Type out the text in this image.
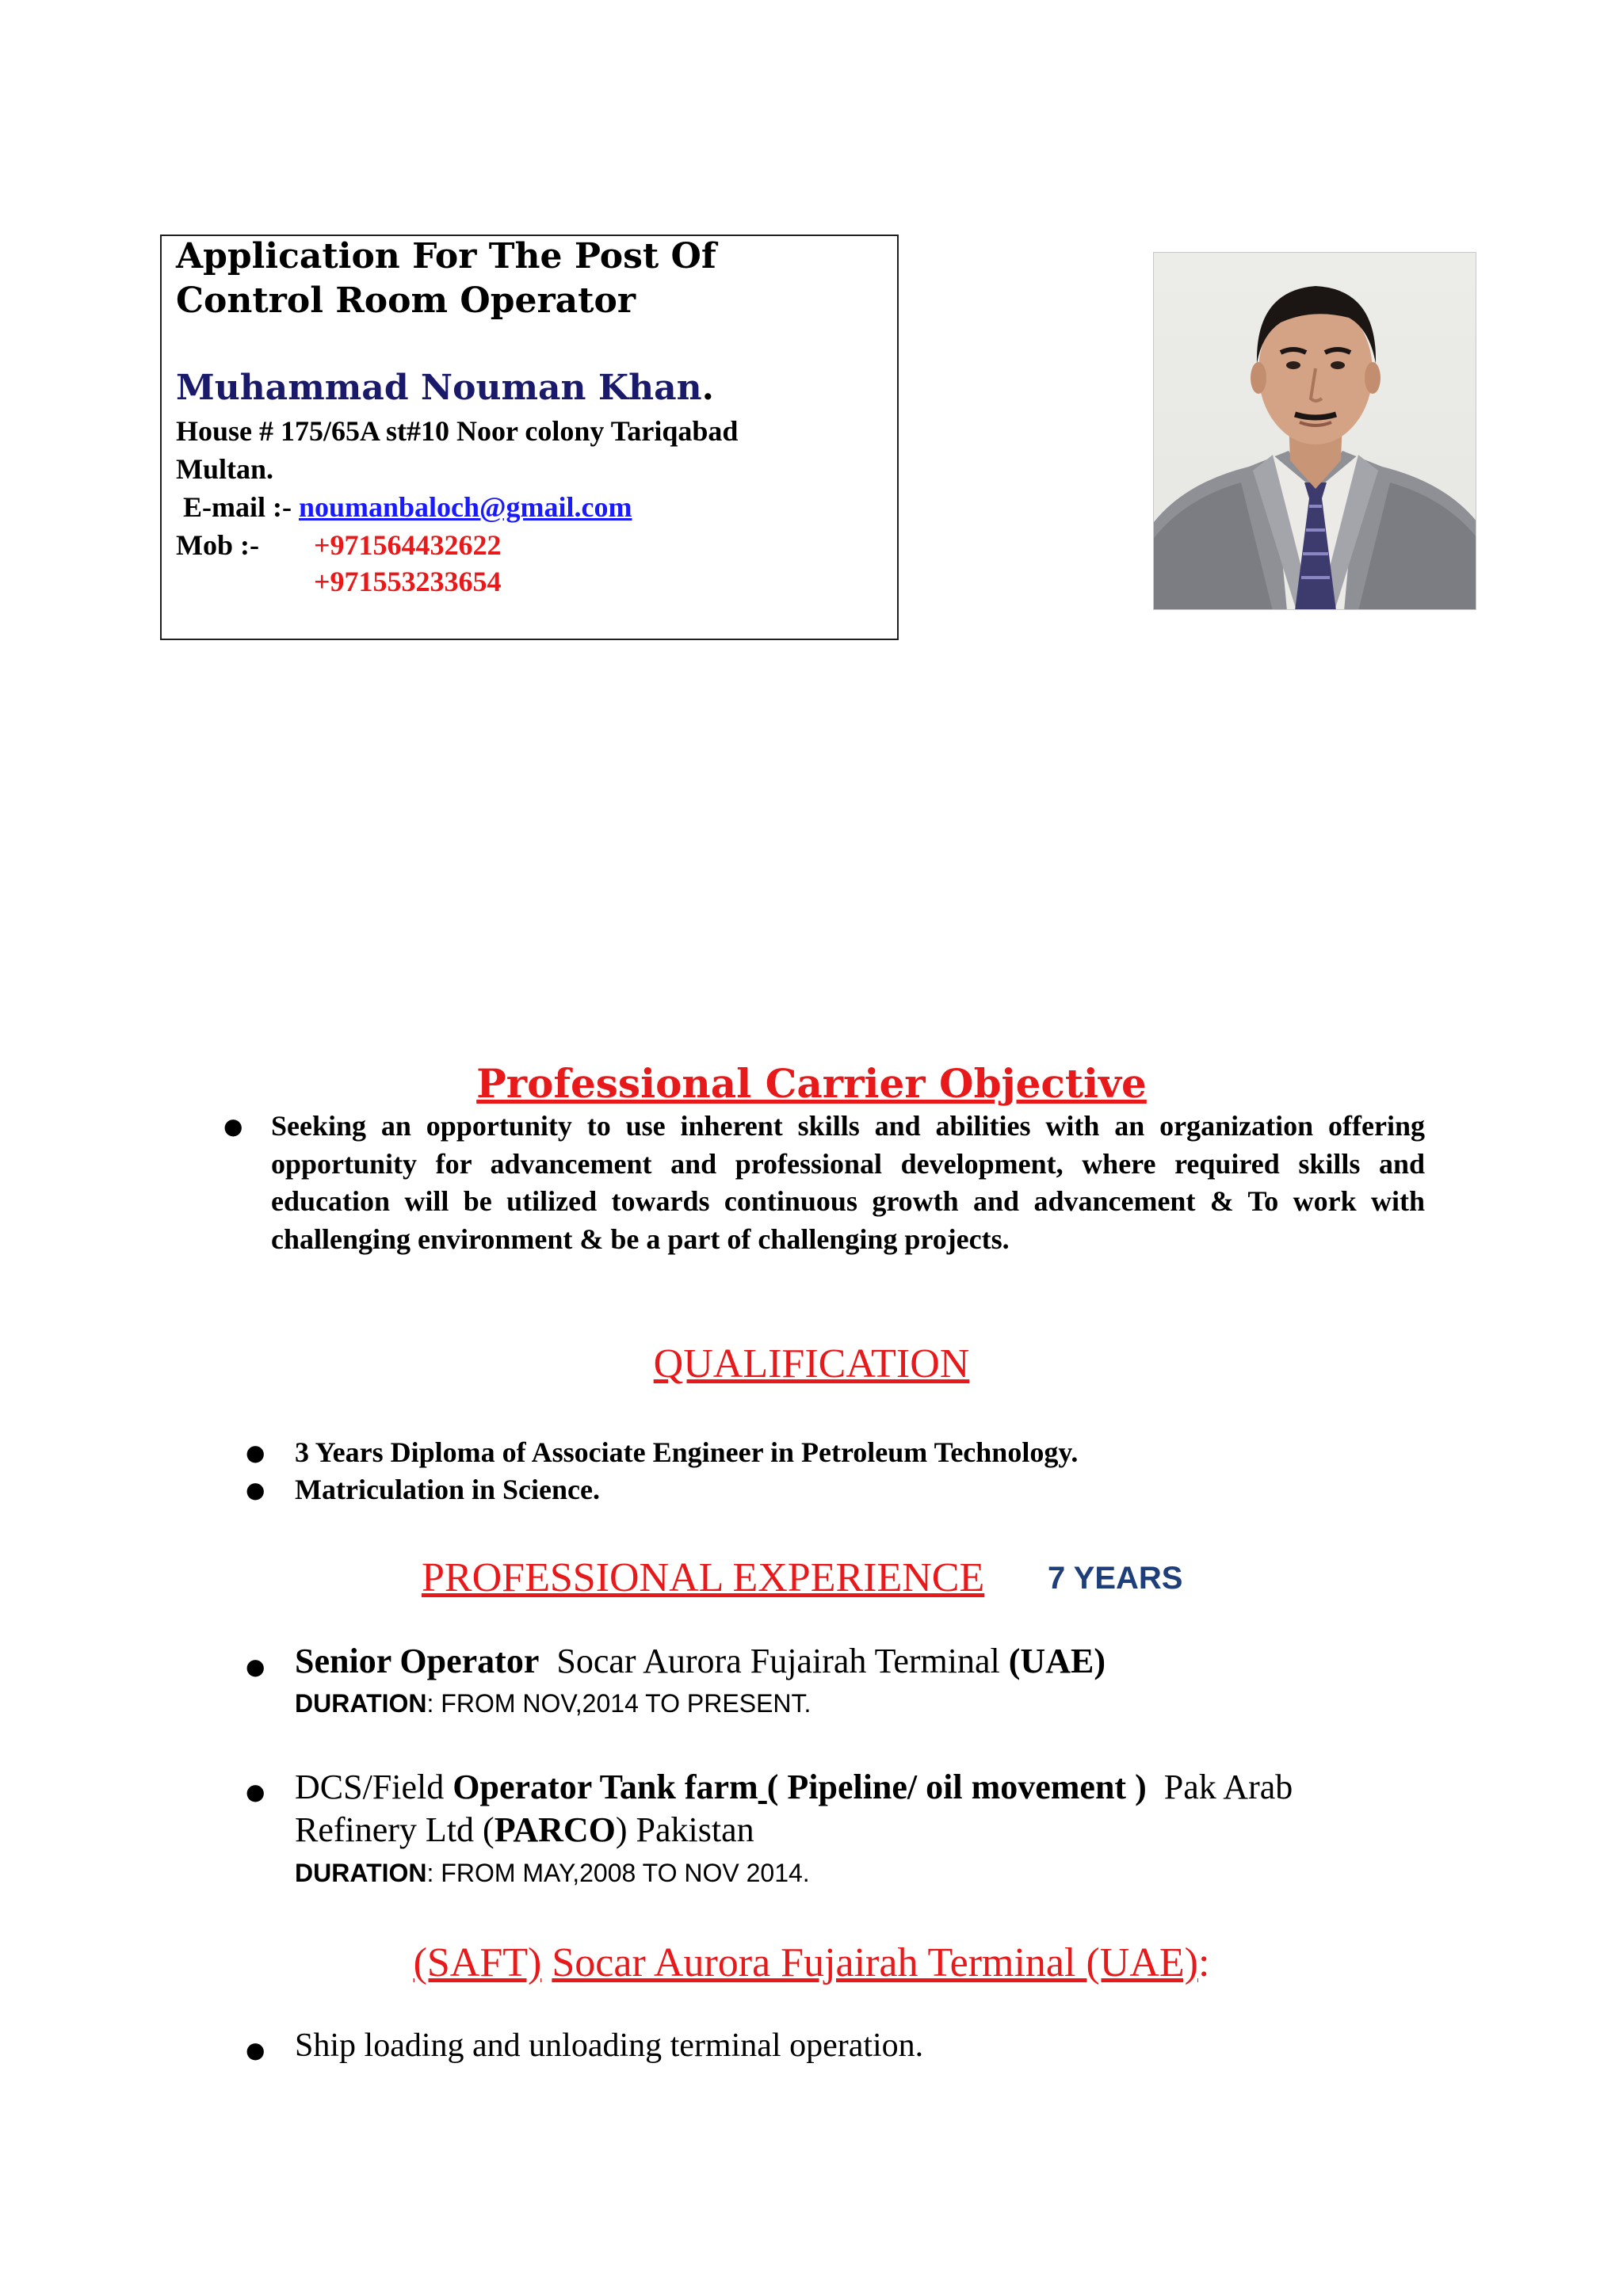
Application For The Post Of
Control Room Operator
Muhammad Nouman Khan.
House # 175/65A st#10 Noor colony Tariqabad
Multan.
E-mail :- noumanbaloch@gmail.com
Mob :- +971564432622
+971553233654
Professional Carrier Objective
● Seeking an opportunity to use inherent skills and abilities with an organization offering opportunity for advancement and professional development, where required skills and education will be utilized towards continuous growth and advancement & To work with challenging environment & be a part of challenging projects.
QUALIFICATION
● 3 Years Diploma of Associate Engineer in Petroleum Technology.
● Matriculation in Science.
PROFESSIONAL EXPERIENCE 7 YEARS
● Senior Operator Socar Aurora Fujairah Terminal (UAE)
DURATION: FROM NOV,2014 TO PRESENT.
● DCS/Field Operator Tank farm ( Pipeline/ oil movement ) Pak Arab
Refinery Ltd (PARCO) Pakistan
DURATION: FROM MAY,2008 TO NOV 2014.
(SAFT) Socar Aurora Fujairah Terminal (UAE):
● Ship loading and unloading terminal operation.
